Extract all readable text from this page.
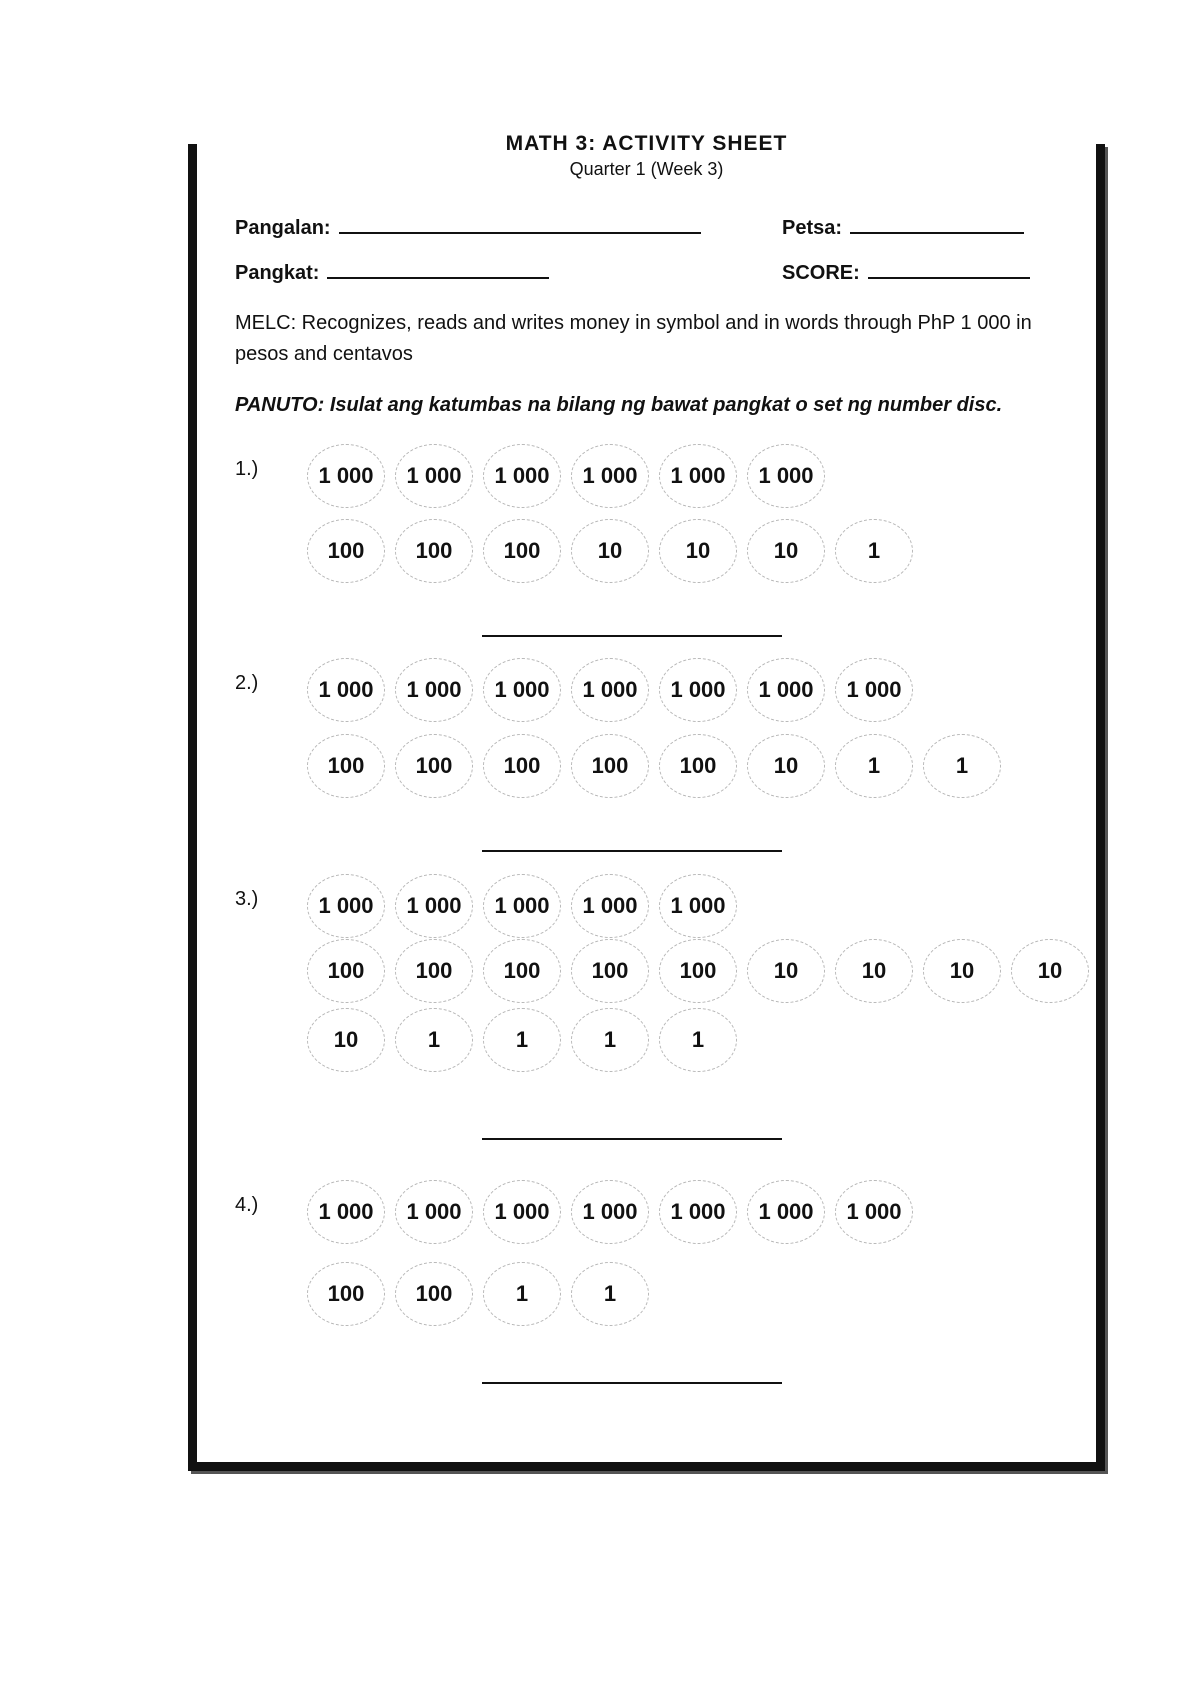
MATH 3: ACTIVITY SHEET
Quarter 1 (Week 3)
Pangalan:	Petsa:
Pangkat:	SCORE:
MELC: Recognizes, reads and writes money in symbol and in words through PhP 1 000 in pesos and centavos
PANUTO: Isulat ang katumbas na bilang ng bawat pangkat o set ng number disc.
1.)	1 000	1 000	1 000	1 000	1 000	1 000
100	100	100	10	10	10	1
2.)	1 000	1 000	1 000	1 000	1 000	1 000	1 000
100	100	100	100	100	10	1	1
3.)	1 000	1 000	1 000	1 000	1 000
100	100	100	100	100	10	10	10	10
10	1	1	1	1
4.)	1 000	1 000	1 000	1 000	1 000	1 000	1 000
100	100	1	1
